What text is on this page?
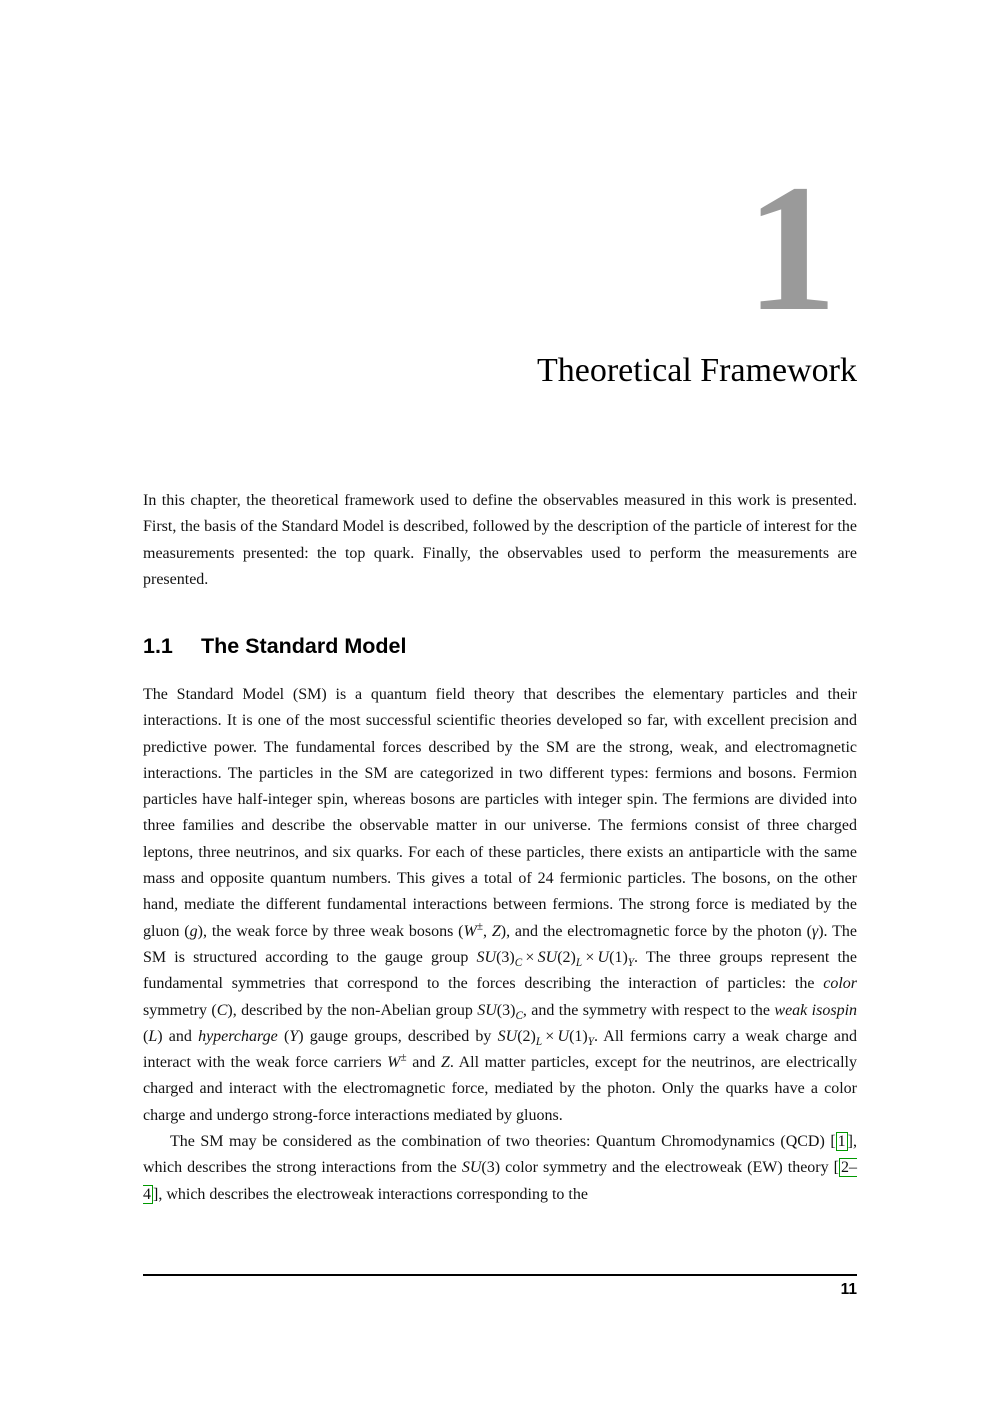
1
Theoretical Framework
In this chapter, the theoretical framework used to define the observables measured in this work is presented. First, the basis of the Standard Model is described, followed by the description of the particle of interest for the measurements presented: the top quark. Finally, the observables used to perform the measurements are presented.
1.1	The Standard Model

The Standard Model (SM) is a quantum field theory that describes the elementary particles and their interactions. It is one of the most successful scientific theories developed so far, with excellent precision and predictive power. The fundamental forces described by the SM are the strong, weak, and electromagnetic interactions. The particles in the SM are categorized in two different types: fermions and bosons. Fermion particles have half-integer spin, whereas bosons are particles with integer spin. The fermions are divided into three families and describe the observable matter in our universe. The fermions consist of three charged leptons, three neutrinos, and six quarks. For each of these particles, there exists an antiparticle with the same mass and opposite quantum numbers. This gives a total of 24 fermionic particles. The bosons, on the other hand, mediate the different fundamental interactions between fermions. The strong force is mediated by the gluon (g), the weak force by three weak bosons (W±, Z), and the electromagnetic force by the photon (γ). The SM is structured according to the gauge group $SU(3)_C \times SU(2)_L \times U(1)_Y$. The three groups represent the fundamental symmetries that correspond to the forces describing the interaction of particles: the color symmetry (C), described by the non-Abelian group $SU(3)_C$, and the symmetry with respect to the weak isospin (L) and hypercharge (Y) gauge groups, described by $SU(2)_L \times U(1)_Y$. All fermions carry a weak charge and interact with the weak force carriers W± and Z. All matter particles, except for the neutrinos, are electrically charged and interact with the electromagnetic force, mediated by the photon. Only the quarks have a color charge and undergo strong-force interactions mediated by gluons.

The SM may be considered as the combination of two theories: Quantum Chromodynamics (QCD) [ 1 ], which describes the strong interactions from the SU(3) color symmetry and the electroweak (EW) theory [ 2–4 ], which describes the electroweak interactions corresponding to the

11
